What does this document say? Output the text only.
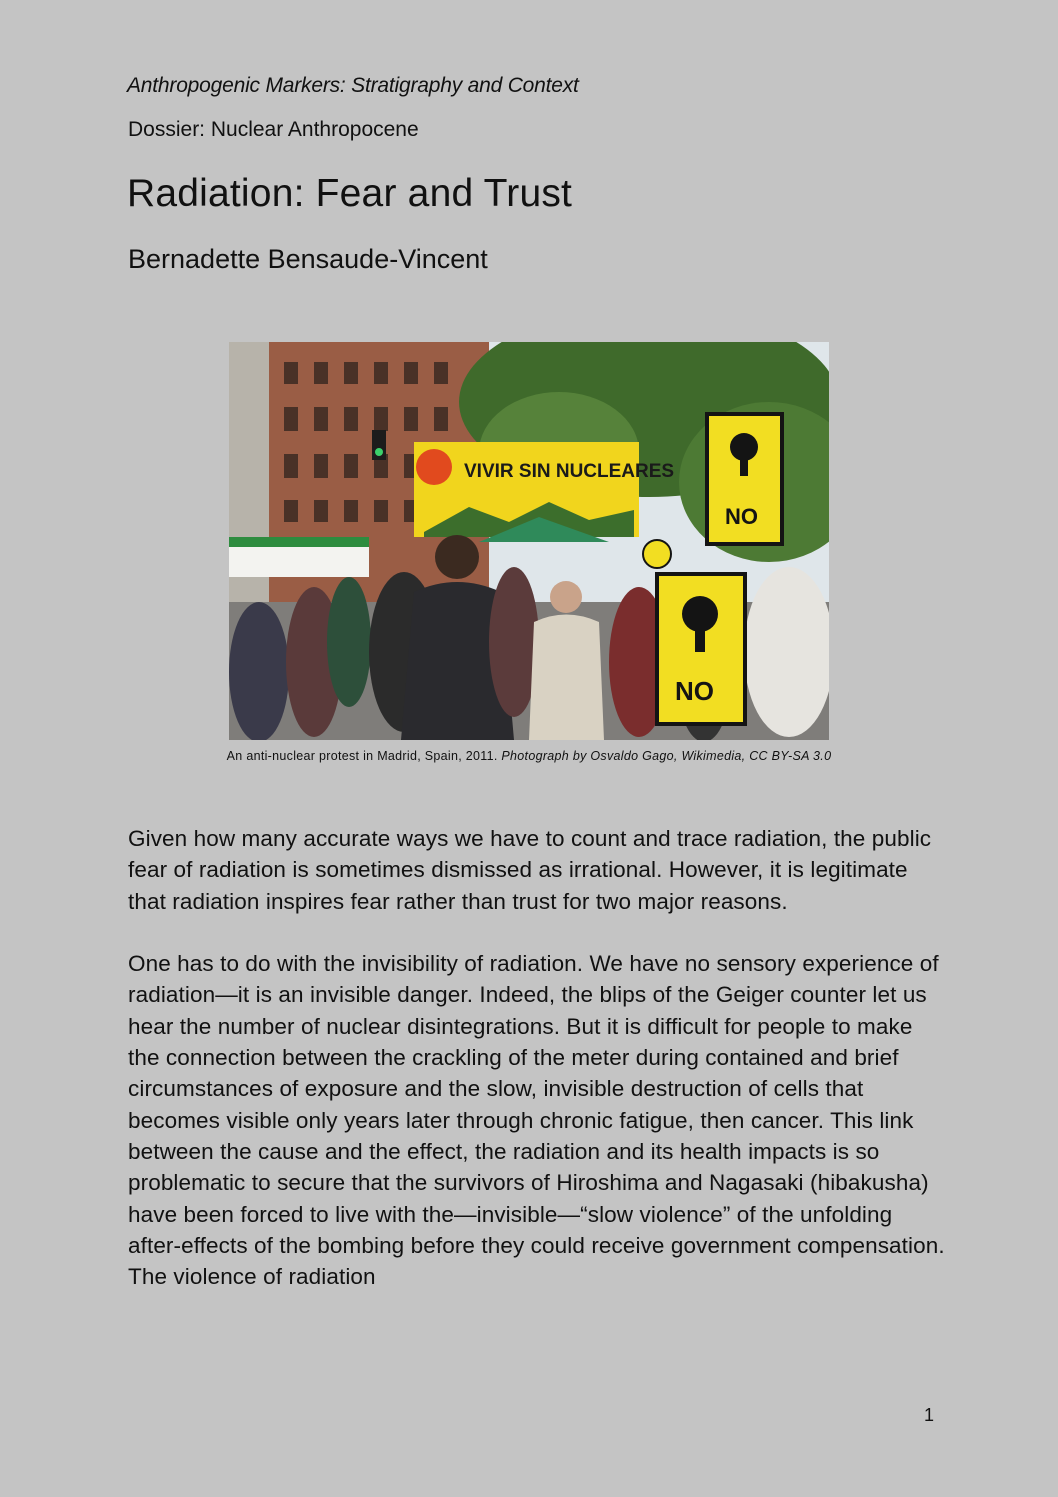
Anthropogenic Markers: Stratigraphy and Context
Dossier: Nuclear Anthropocene
Radiation: Fear and Trust
Bernadette Bensaude-Vincent
VIVIR SIN NUCLEARES
NO
NO
An anti-nuclear protest in Madrid, Spain, 2011. Photograph by Osvaldo Gago, Wikimedia, CC BY-SA 3.0

Given how many accurate ways we have to count and trace radiation, the public fear of radiation is sometimes dismissed as irrational. However, it is legitimate that radiation inspires fear rather than trust for two major reasons.

One has to do with the invisibility of radiation. We have no sensory experience of radiation—it is an invisible danger. Indeed, the blips of the Geiger counter let us hear the number of nuclear disintegrations. But it is difficult for people to make the connection between the crackling of the meter during contained and brief circumstances of exposure and the slow, invisible destruction of cells that becomes visible only years later through chronic fatigue, then cancer. This link between the cause and the effect, the radiation and its health impacts is so problematic to secure that the survivors of Hiroshima and Nagasaki (hibakusha) have been forced to live with the—invisible—“slow violence” of the unfolding after-effects of the bombing before they could receive government compensation. The violence of radiation

1
